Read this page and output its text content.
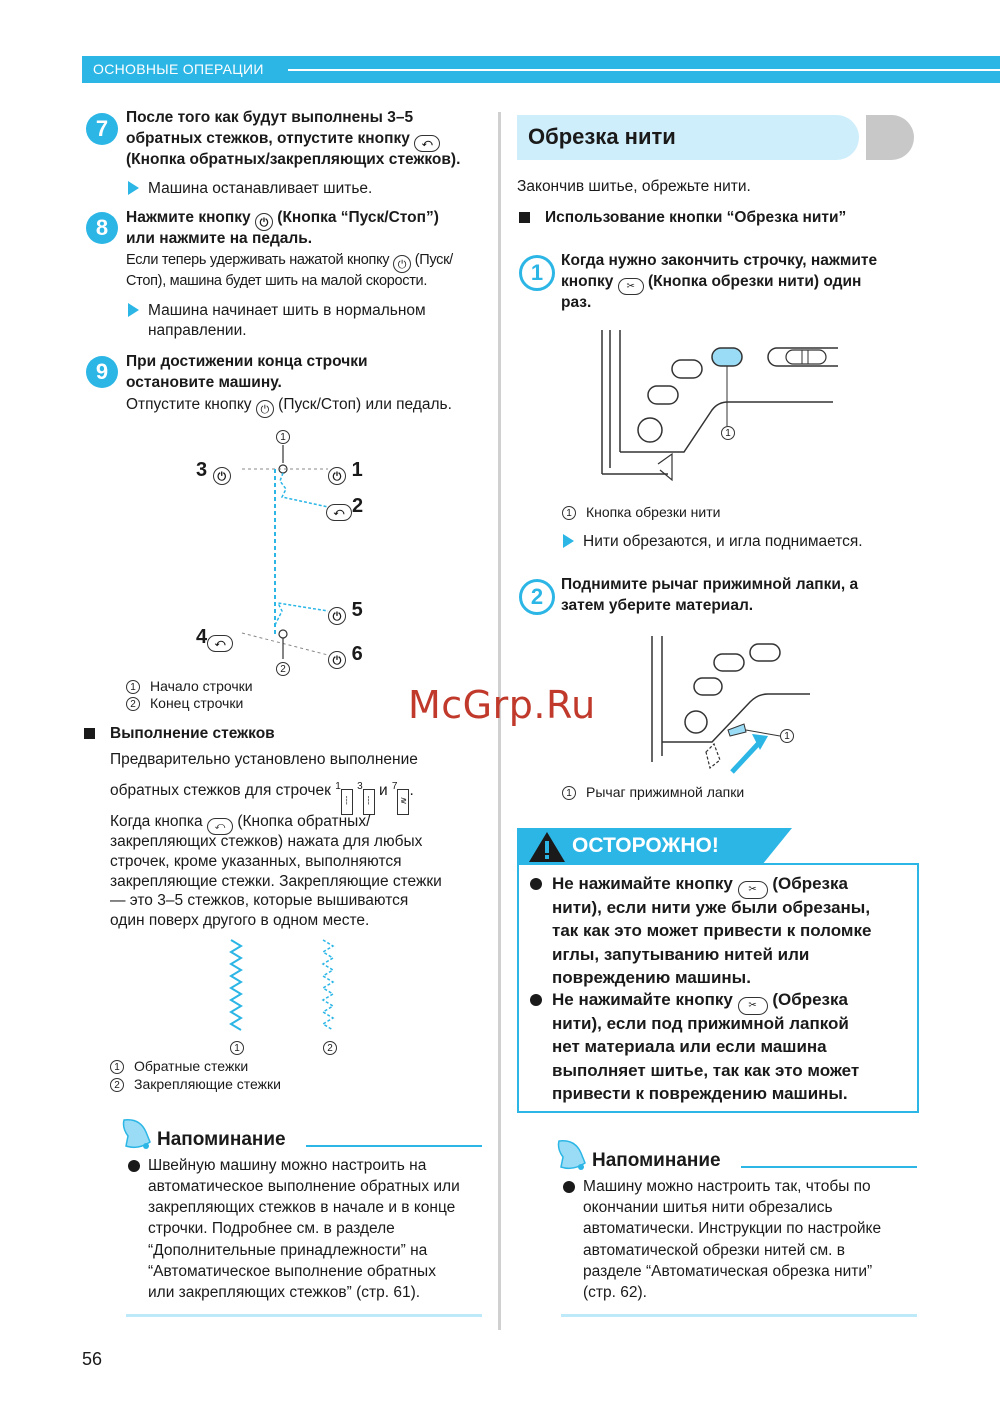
ОСНОВНЫЕ ОПЕРАЦИИ
7	После того как будут выполнены 3–5
обратных стежков, отпустите кнопку ⤺
(Кнопка обратных/закрепляющих стежков).
Машина останавливает шитье.
8	Нажмите кнопку ⏻ (Кнопка “Пуск/Стоп”)
или нажмите на педаль.
Если теперь удерживать нажатой кнопку ⏻ (Пуск/
Стоп), машина будет шить на малой скорости.
Машина начинает шить в нормальном
направлении.
9	При достижении конца строчки
остановите машину.
Отпустите кнопку ⏻ (Пуск/Стоп) или педаль.
1
2
3 ⏻	⏻ 1
⤺ 2
⏻ 5
4 ⤺
⏻ 6
1 Начало строчки
2 Конец строчки
Выполнение стежков
Предварительно установлено выполнение
обратных стежков для строчек $^1$┆ $^3$┆ и $^7$≷.
Когда кнопка ⤺ (Кнопка обратных/
закрепляющих стежков) нажата для любых
строчек, кроме указанных, выполняются
закрепляющие стежки. Закрепляющие стежки
— это 3–5 стежков, которые вышиваются
один поверх другого в одном месте.
1	2
1 Обратные стежки
2 Закрепляющие стежки
Напоминание
Швейную машину можно настроить на
автоматическое выполнение обратных или
закрепляющих стежков в начале и в конце
строчки. Подробнее см. в разделе
“Дополнительные принадлежности” на
“Автоматическое выполнение обратных
или закрепляющих стежков” (стр. 61).
Обрезка нити
Закончив шитье, обрежьте нити.
Использование кнопки “Обрезка нити”
1	Когда нужно закончить строчку, нажмите
кнопку ✂ (Кнопка обрезки нити) один
раз.
1
1 Кнопка обрезки нити
Нити обрезаются, и игла поднимается.
2	Поднимите рычаг прижимной лапки, а
затем уберите материал.
1
1 Рычаг прижимной лапки
ОСТОРОЖНО!
Не нажимайте кнопку ✂ (Обрезка
нити), если нити уже были обрезаны,
так как это может привести к поломке
иглы, запутыванию нитей или
повреждению машины.
Не нажимайте кнопку ✂ (Обрезка
нити), если под прижимной лапкой
нет материала или если машина
выполняет шитье, так как это может
привести к повреждению машины.
Напоминание
Машину можно настроить так, чтобы по
окончании шитья нити обрезались
автоматически. Инструкции по настройке
автоматической обрезки нитей см. в
разделе “Автоматическая обрезка нити”
(стр. 62).
McGrp.Ru
56
